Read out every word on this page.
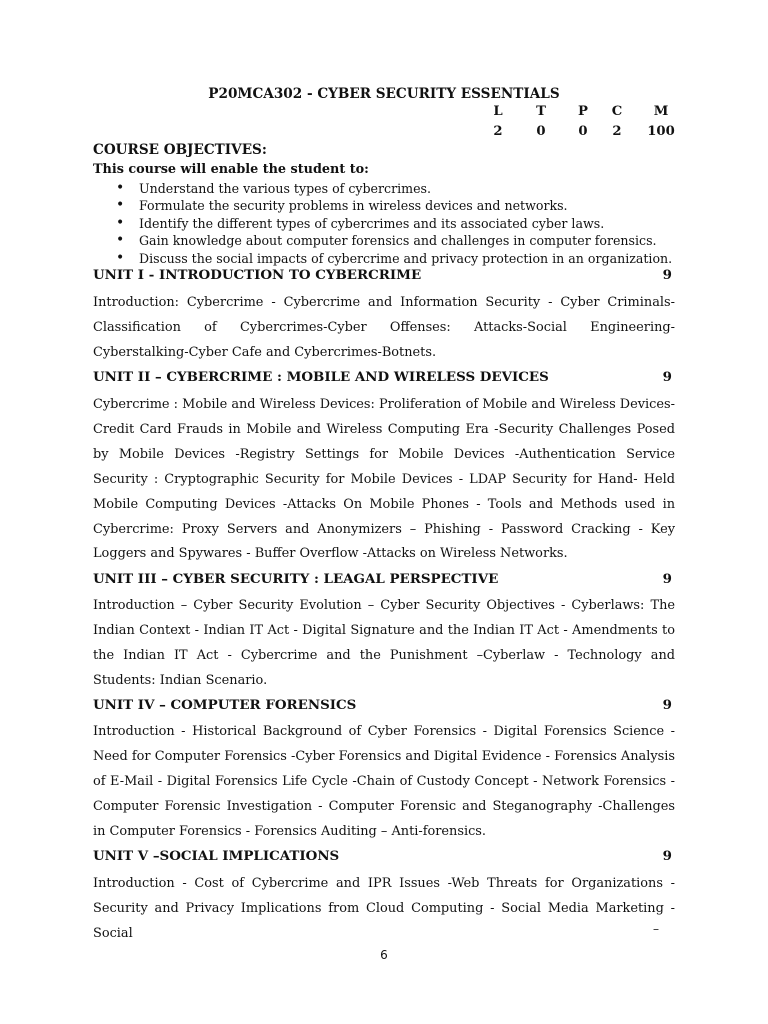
P20MCA302 - CYBER SECURITY ESSENTIALS
L	T	P	C	M
2	0	0	2	100
COURSE OBJECTIVES:
This course will enable the student to:
• Understand the various types of cybercrimes.
• Formulate the security problems in wireless devices and networks.
• Identify the different types of cybercrimes and its associated cyber laws.
• Gain knowledge about computer forensics and challenges in computer forensics.
• Discuss the social impacts of cybercrime and privacy protection in an organization.
UNIT I - INTRODUCTION TO CYBERCRIME	9

Introduction: Cybercrime - Cybercrime and Information Security - Cyber Criminals-Classification of Cybercrimes-Cyber Offenses: Attacks-Social Engineering- Cyberstalking-Cyber Cafe and Cybercrimes-Botnets.

UNIT II – CYBERCRIME : MOBILE AND WIRELESS DEVICES	9

Cybercrime : Mobile and Wireless Devices: Proliferation of Mobile and Wireless Devices-Credit Card Frauds in Mobile and Wireless Computing Era -Security Challenges Posed by Mobile Devices -Registry Settings for Mobile Devices -Authentication Service Security : Cryptographic Security for Mobile Devices - LDAP Security for Hand- Held Mobile Computing Devices -Attacks On Mobile Phones - Tools and Methods used in Cybercrime: Proxy Servers and Anonymizers – Phishing - Password Cracking - Key Loggers and Spywares - Buffer Overflow -Attacks on Wireless Networks.

UNIT III – CYBER SECURITY : LEAGAL PERSPECTIVE	9

Introduction – Cyber Security Evolution – Cyber Security Objectives - Cyberlaws: The Indian Context - Indian IT Act - Digital Signature and the Indian IT Act - Amendments to the Indian IT Act - Cybercrime and the Punishment –Cyberlaw - Technology and Students: Indian Scenario.

UNIT IV – COMPUTER FORENSICS	9

Introduction - Historical Background of Cyber Forensics - Digital Forensics Science - Need for Computer Forensics -Cyber Forensics and Digital Evidence - Forensics Analysis of E-Mail - Digital Forensics Life Cycle -Chain of Custody Concept - Network Forensics - Computer Forensic Investigation - Computer Forensic and Steganography -Challenges in Computer Forensics - Forensics Auditing – Anti-forensics.

UNIT V –SOCIAL IMPLICATIONS	9

Introduction - Cost of Cybercrime and IPR Issues -Web Threats for Organizations - Security and Privacy Implications from Cloud Computing - Social Media Marketing -Social	–
6
